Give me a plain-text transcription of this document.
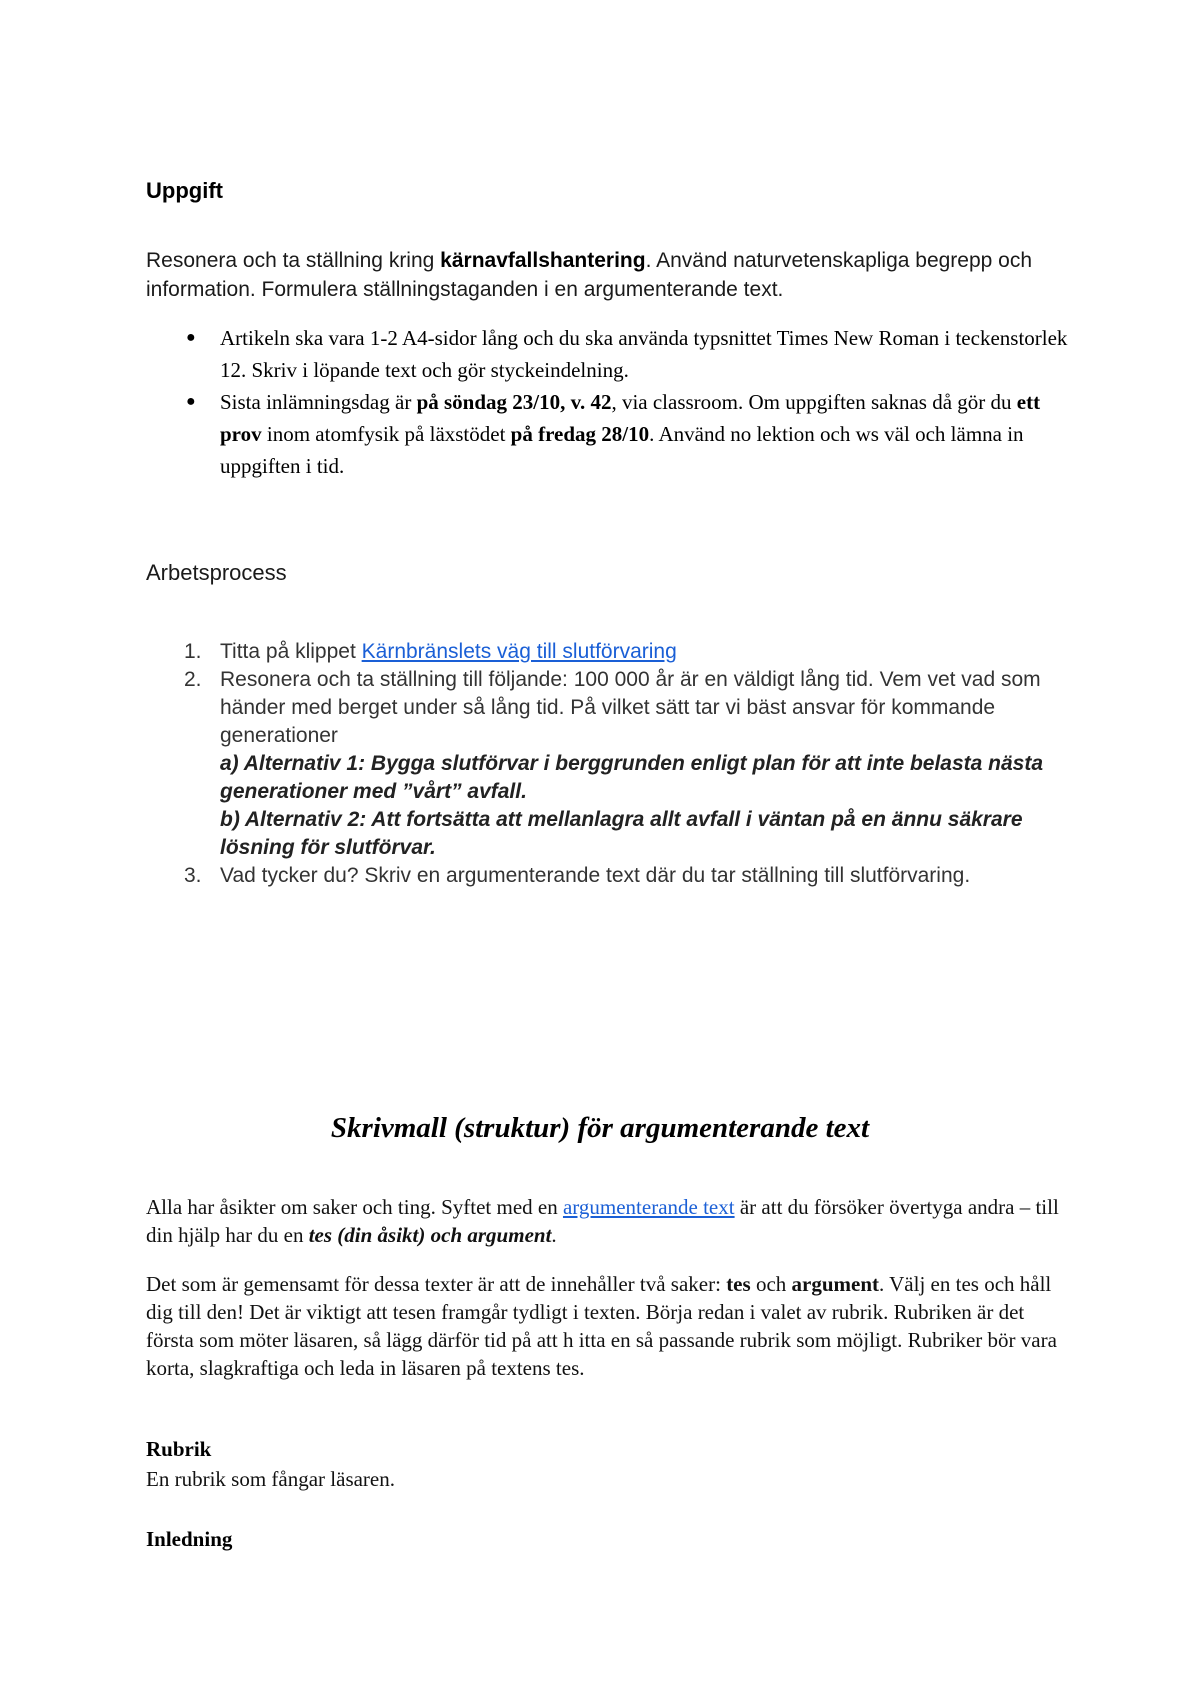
Uppgift
Resonera och ta ställning kring kärnavfallshantering. Använd naturvetenskapliga begrepp och information. Formulera ställningstaganden i en argumenterande text.
● Artikeln ska vara 1-2 A4-sidor lång och du ska använda typsnittet Times New Roman i teckenstorlek 12. Skriv i löpande text och gör styckeindelning.
● Sista inlämningsdag är på söndag 23/10, v. 42, via classroom. Om uppgiften saknas då gör du ett prov inom atomfysik på läxstödet på fredag 28/10. Använd no lektion och ws väl och lämna in uppgiften i tid.
Arbetsprocess
1. Titta på klippet Kärnbränslets väg till slutförvaring
2. Resonera och ta ställning till följande: 100 000 år är en väldigt lång tid. Vem vet vad som händer med berget under så lång tid. På vilket sätt tar vi bäst ansvar för kommande generationer
a) Alternativ 1: Bygga slutförvar i berggrunden enligt plan för att inte belasta nästa generationer med ”vårt” avfall.
b) Alternativ 2: Att fortsätta att mellanlagra allt avfall i väntan på en ännu säkrare lösning för slutförvar.
3. Vad tycker du? Skriv en argumenterande text där du tar ställning till slutförvaring.
Skrivmall (struktur) för argumenterande text
Alla har åsikter om saker och ting. Syftet med en argumenterande text är att du försöker övertyga andra – till din hjälp har du en tes (din åsikt) och argument.
Det som är gemensamt för dessa texter är att de innehåller två saker: tes och argument. Välj en tes och håll dig till den! Det är viktigt att tesen framgår tydligt i texten. Börja redan i valet av rubrik. Rubriken är det första som möter läsaren, så lägg därför tid på att h itta en så passande rubrik som möjligt. Rubriker bör vara korta, slagkraftiga och leda in läsaren på textens tes.
Rubrik
En rubrik som fångar läsaren.
Inledning
